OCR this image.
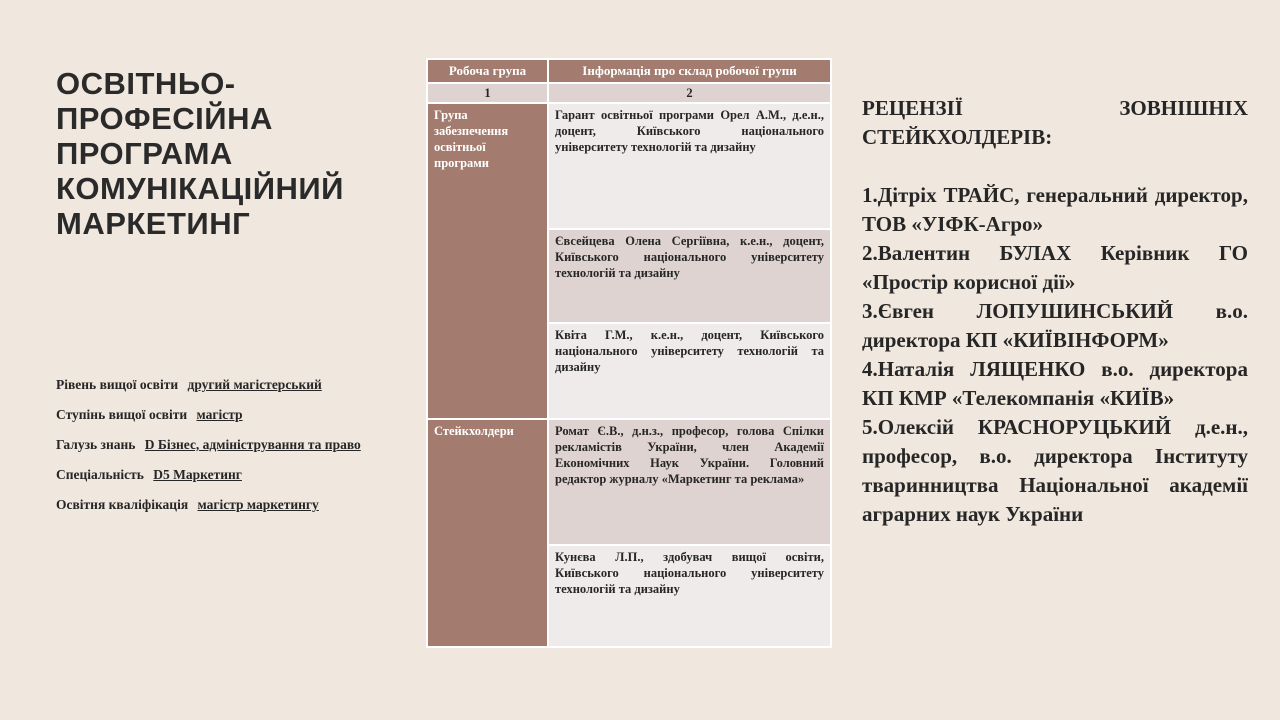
ОСВІТНЬО-
ПРОФЕСІЙНА
ПРОГРАМА
КОМУНІКАЦІЙНИЙ
МАРКЕТИНГ
Рівень вищої освіти другий магістерський
Ступінь вищої освіти магістр
Галузь знань D Бізнес, адміністрування та право
Спеціальність D5 Маркетинг
Освітня кваліфікація магістр маркетингу
Робоча група	Інформація про склад робочої групи
1	2
Група забезпечення освітньої програми	Гарант освітньої програми Орел А.М., д.е.н., доцент, Київського національного університету технологій та дизайну
	Євсейцева Олена Сергіївна, к.е.н., доцент, Київського національного університету технологій та дизайну
	Квіта Г.М., к.е.н., доцент, Київського національного університету технологій та дизайну
Стейкхолдери	Ромат Є.В., д.н.з., професор, голова Спілки рекламістів України, член Академії Економічних Наук України. Головний редактор журналу «Маркетинг та реклама»
	Кунєва Л.П., здобувач вищої освіти, Київського національного університету технологій та дизайну
РЕЦЕНЗІЇ ЗОВНІШНІХ
СТЕЙКХОЛДЕРІВ:
1.Дітріх ТРАЙС, генеральний директор, ТОВ «УІФК-Агро»
2.Валентин БУЛАХ Керівник ГО «Простір корисної дії»
3.Євген ЛОПУШИНСЬКИЙ в.о. директора КП «КИЇВІНФОРМ»
4.Наталія ЛЯЩЕНКО в.о. директора КП КМР «Телекомпанія «КИЇВ»
5.Олексій КРАСНОРУЦЬКИЙ д.е.н., професор, в.о. директора Інституту тваринництва Національної академії аграрних наук України
